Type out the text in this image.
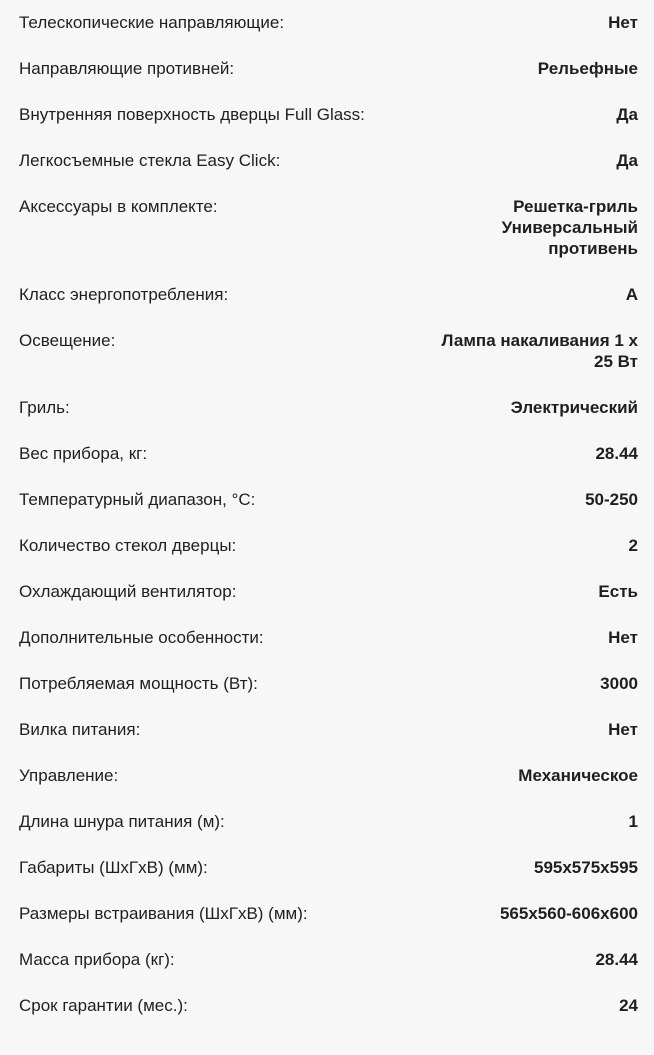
Телескопические направляющие:	Нет
Направляющие противней:	Рельефные
Внутренняя поверхность дверцы Full Glass:	Да
Легкосъемные стекла Easy Click:	Да
Аксессуары в комплекте:	Решетка-гриль
Универсальный
противень
Класс энергопотребления:	A
Освещение:	Лампа накаливания 1 x
25 Вт
Гриль:	Электрический
Вес прибора, кг:	28.44
Температурный диапазон, °C:	50-250
Количество стекол дверцы:	2
Охлаждающий вентилятор:	Есть
Дополнительные особенности:	Нет
Потребляемая мощность (Вт):	3000
Вилка питания:	Нет
Управление:	Механическое
Длина шнура питания (м):	1
Габариты (ШхГхВ) (мм):	595x575x595
Размеры встраивания (ШхГхВ) (мм):	565x560-606x600
Масса прибора (кг):	28.44
Срок гарантии (мес.):	24
